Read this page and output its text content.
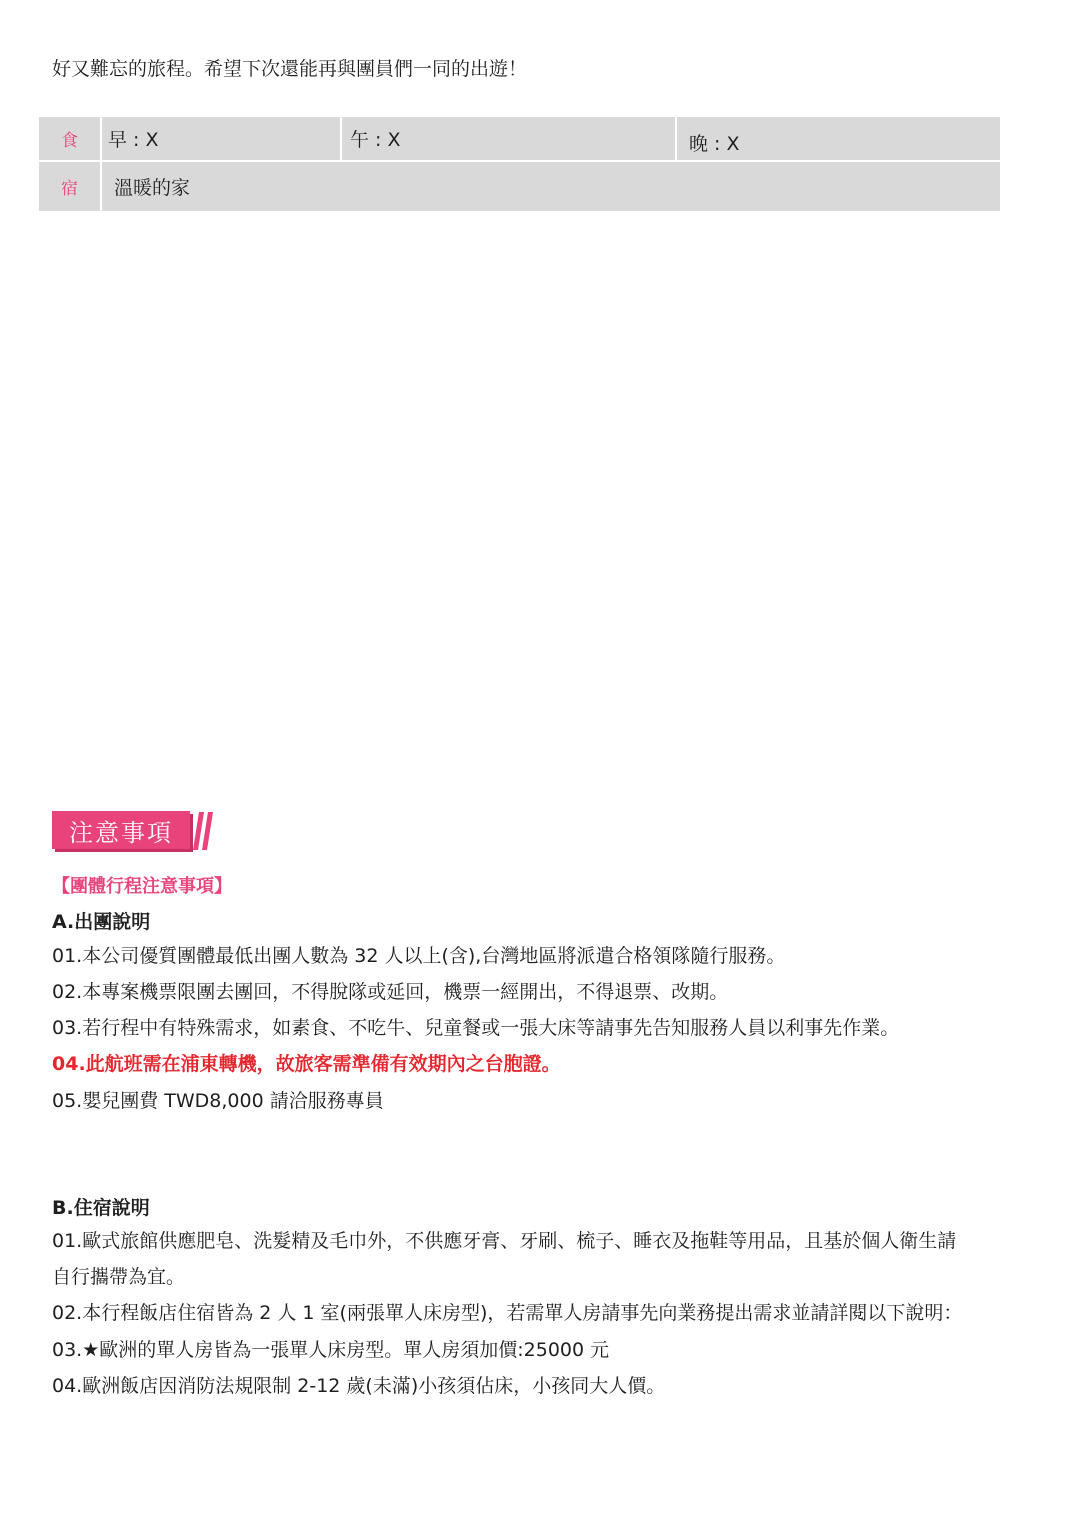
好又難忘的旅程。希望下次還能再與團員們一同的出遊！
食	早 : X	午 : X	晚 : X
宿	溫暖的家
注意事項
【團體行程注意事項】
A.出團說明
01.本公司優質團體最低出團人數為 32 人以上(含),台灣地區將派遣合格領隊隨行服務。
02.本專案機票限團去團回，不得脫隊或延回，機票一經開出，不得退票、改期。
03.若行程中有特殊需求，如素食、不吃牛、兒童餐或一張大床等請事先告知服務人員以利事先作業。
04.此航班需在浦東轉機，故旅客需準備有效期內之台胞證。
05.嬰兒團費 TWD8,000 請洽服務專員
B.住宿說明
01.歐式旅館供應肥皂、洗髮精及毛巾外，不供應牙膏、牙刷、梳子、睡衣及拖鞋等用品，且基於個人衛生請
自行攜帶為宜。
02.本行程飯店住宿皆為 2 人 1 室(兩張單人床房型)，若需單人房請事先向業務提出需求並請詳閱以下說明：
03.★歐洲的單人房皆為一張單人床房型。單人房須加價:25000 元
04.歐洲飯店因消防法規限制 2-12 歲(未滿)小孩須佔床，小孩同大人價。
